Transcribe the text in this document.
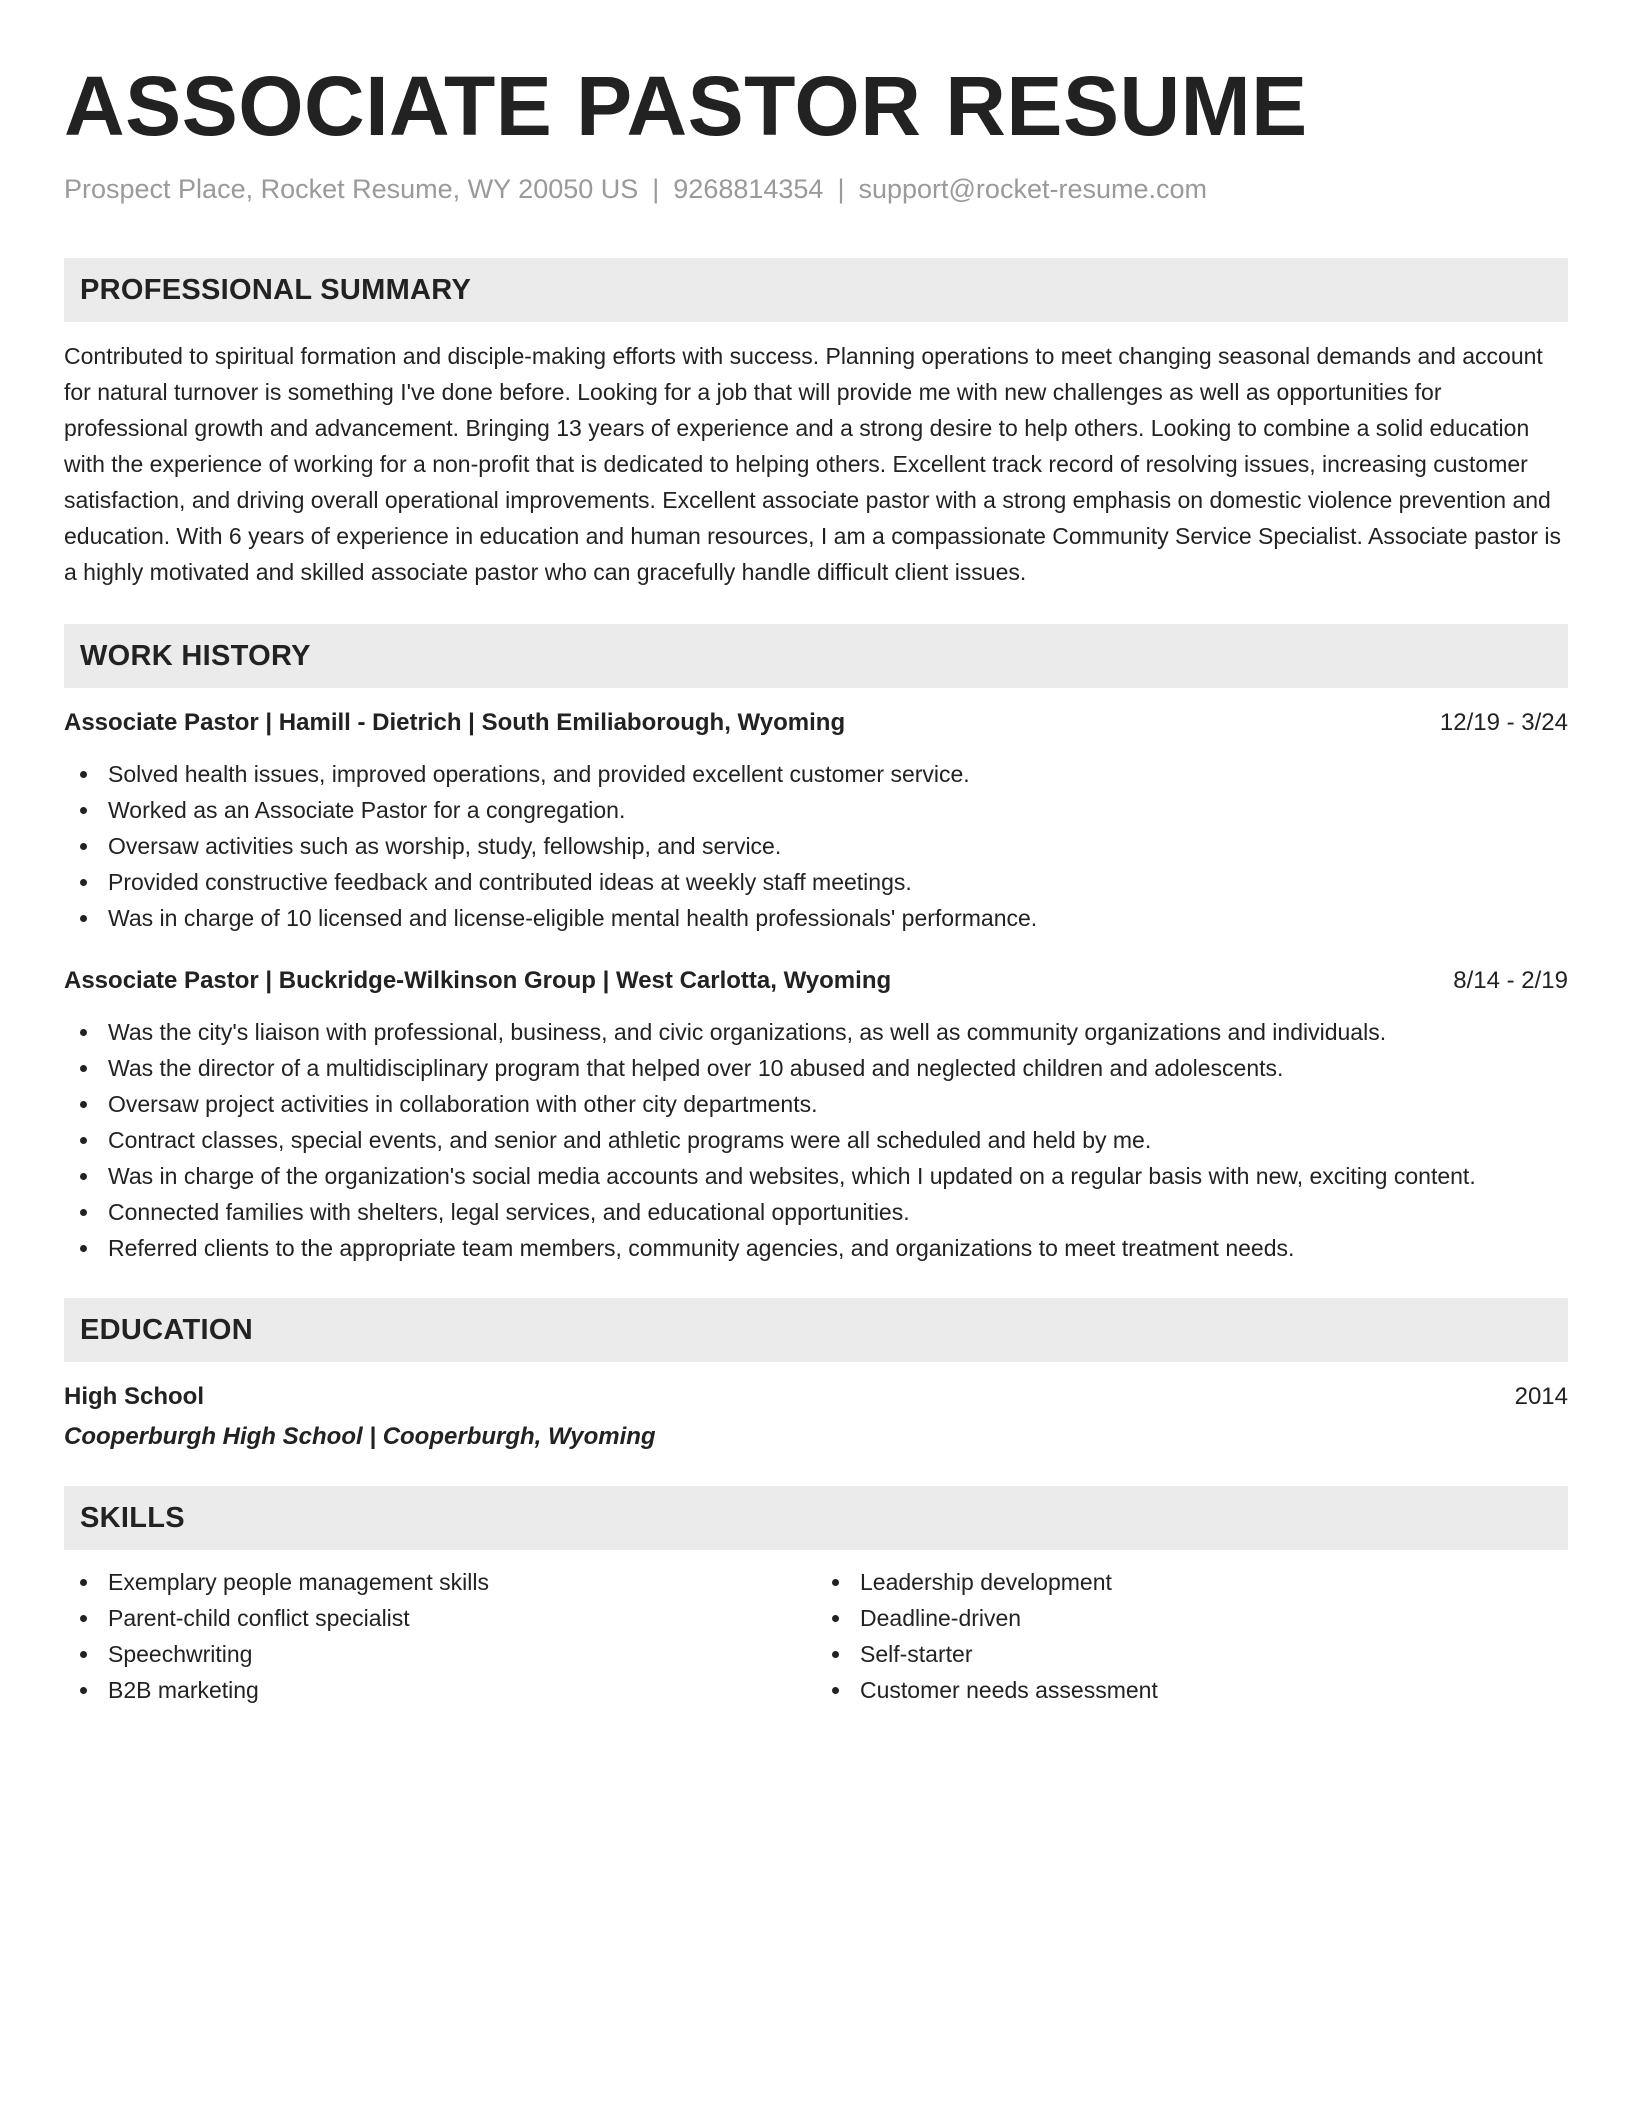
ASSOCIATE PASTOR RESUME
Prospect Place, Rocket Resume, WY 20050 US | 9268814354 | support@rocket-resume.com
PROFESSIONAL SUMMARY

Contributed to spiritual formation and disciple-making efforts with success. Planning operations to meet changing seasonal demands and account for natural turnover is something I've done before. Looking for a job that will provide me with new challenges as well as opportunities for professional growth and advancement. Bringing 13 years of experience and a strong desire to help others. Looking to combine a solid education with the experience of working for a non-profit that is dedicated to helping others. Excellent track record of resolving issues, increasing customer satisfaction, and driving overall operational improvements. Excellent associate pastor with a strong emphasis on domestic violence prevention and education. With 6 years of experience in education and human resources, I am a compassionate Community Service Specialist. Associate pastor is a highly motivated and skilled associate pastor who can gracefully handle difficult client issues.

WORK HISTORY
Associate Pastor | Hamill - Dietrich | South Emiliaborough, Wyoming	12/19 - 3/24
Solved health issues, improved operations, and provided excellent customer service.
Worked as an Associate Pastor for a congregation.
Oversaw activities such as worship, study, fellowship, and service.
Provided constructive feedback and contributed ideas at weekly staff meetings.
Was in charge of 10 licensed and license-eligible mental health professionals' performance.
Associate Pastor | Buckridge-Wilkinson Group | West Carlotta, Wyoming	8/14 - 2/19
Was the city's liaison with professional, business, and civic organizations, as well as community organizations and individuals.
Was the director of a multidisciplinary program that helped over 10 abused and neglected children and adolescents.
Oversaw project activities in collaboration with other city departments.
Contract classes, special events, and senior and athletic programs were all scheduled and held by me.
Was in charge of the organization's social media accounts and websites, which I updated on a regular basis with new, exciting content.
Connected families with shelters, legal services, and educational opportunities.
Referred clients to the appropriate team members, community agencies, and organizations to meet treatment needs.
EDUCATION
High School	2014
Cooperburgh High School | Cooperburgh, Wyoming
SKILLS
Exemplary people management skills
Parent-child conflict specialist
Speechwriting
B2B marketing
Leadership development
Deadline-driven
Self-starter
Customer needs assessment
